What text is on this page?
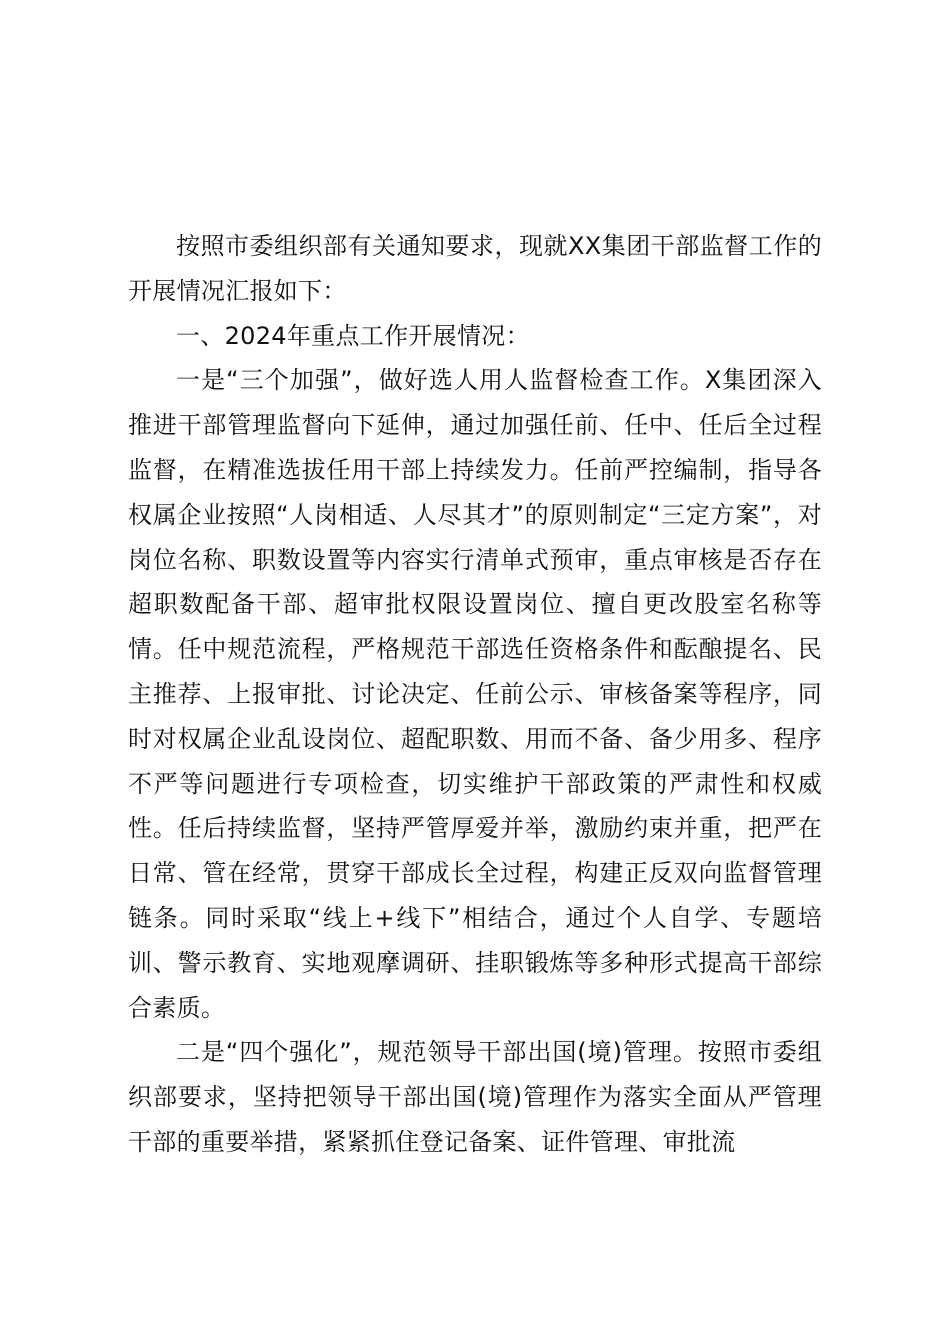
按照市委组织部有关通知要求，现就XX集团干部监督工作的开展情况汇报如下：

一、2024年重点工作开展情况：

一是“三个加强”，做好选人用人监督检查工作。X集团深入推进干部管理监督向下延伸，通过加强任前、任中、任后全过程监督，在精准选拔任用干部上持续发力。任前严控编制，指导各权属企业按照“人岗相适、人尽其才”的原则制定“三定方案”，对岗位名称、职数设置等内容实行清单式预审，重点审核是否存在超职数配备干部、超审批权限设置岗位、擅自更改股室名称等情。任中规范流程，严格规范干部选任资格条件和酝酿提名、民主推荐、上报审批、讨论决定、任前公示、审核备案等程序，同时对权属企业乱设岗位、超配职数、用而不备、备少用多、程序不严等问题进行专项检查，切实维护干部政策的严肃性和权威性。任后持续监督，坚持严管厚爱并举，激励约束并重，把严在日常、管在经常，贯穿干部成长全过程，构建正反双向监督管理链条。同时采取“线上+线下”相结合，通过个人自学、专题培训、警示教育、实地观摩调研、挂职锻炼等多种形式提高干部综合素质。

二是“四个强化”，规范领导干部出国(境)管理。按照市委组织部要求，坚持把领导干部出国(境)管理作为落实全面从严管理干部的重要举措，紧紧抓住登记备案、证件管理、审批流
